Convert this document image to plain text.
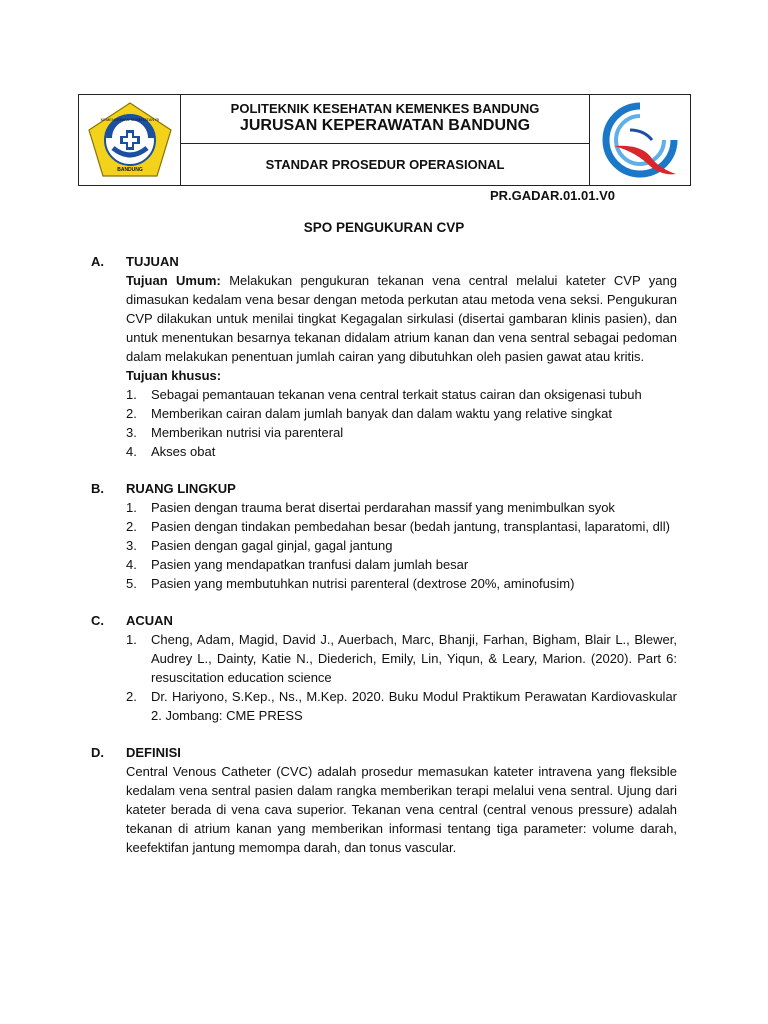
KEMENTERIAN KESEHATAN RI
BANDUNG
POLITEKNIK KESEHATAN KEMENKES BANDUNG
JURUSAN KEPERAWATAN BANDUNG
STANDAR PROSEDUR OPERASIONAL
PR.GADAR.01.01.V0
SPO PENGUKURAN CVP
A.	TUJUAN
Tujuan Umum: Melakukan pengukuran tekanan vena central melalui kateter CVP yang dimasukan kedalam vena besar dengan metoda perkutan atau metoda vena seksi. Pengukuran CVP dilakukan untuk menilai tingkat Kegagalan sirkulasi (disertai gambaran klinis pasien), dan untuk menentukan besarnya tekanan didalam atrium kanan dan vena sentral sebagai pedoman dalam melakukan penentuan jumlah cairan yang dibutuhkan oleh pasien gawat atau kritis.
Tujuan khusus:
1.	Sebagai pemantauan tekanan vena central terkait status cairan dan oksigenasi tubuh
2.	Memberikan cairan dalam jumlah banyak dan dalam waktu yang relative singkat
3.	Memberikan nutrisi via parenteral
4.	Akses obat
B.	RUANG LINGKUP
1.	Pasien dengan trauma berat disertai perdarahan massif yang menimbulkan syok
2.	Pasien dengan tindakan pembedahan besar (bedah jantung, transplantasi, laparatomi, dll)
3.	Pasien dengan gagal ginjal, gagal jantung
4.	Pasien yang mendapatkan tranfusi dalam jumlah besar
5.	Pasien yang membutuhkan nutrisi parenteral (dextrose 20%, aminofusim)
C.	ACUAN
1.	Cheng, Adam, Magid, David J., Auerbach, Marc, Bhanji, Farhan, Bigham, Blair L., Blewer, Audrey L., Dainty, Katie N., Diederich, Emily, Lin, Yiqun, & Leary, Marion. (2020). Part 6: resuscitation education science
2.	Dr. Hariyono, S.Kep., Ns., M.Kep. 2020. Buku Modul Praktikum Perawatan Kardiovaskular 2. Jombang: CME PRESS
D.	DEFINISI
Central Venous Catheter (CVC) adalah prosedur memasukan kateter intravena yang fleksible kedalam vena sentral pasien dalam rangka memberikan terapi melalui vena sentral. Ujung dari kateter berada di vena cava superior. Tekanan vena central (central venous pressure) adalah tekanan di atrium kanan yang memberikan informasi tentang tiga parameter: volume darah, keefektifan jantung memompa darah, dan tonus vascular.
